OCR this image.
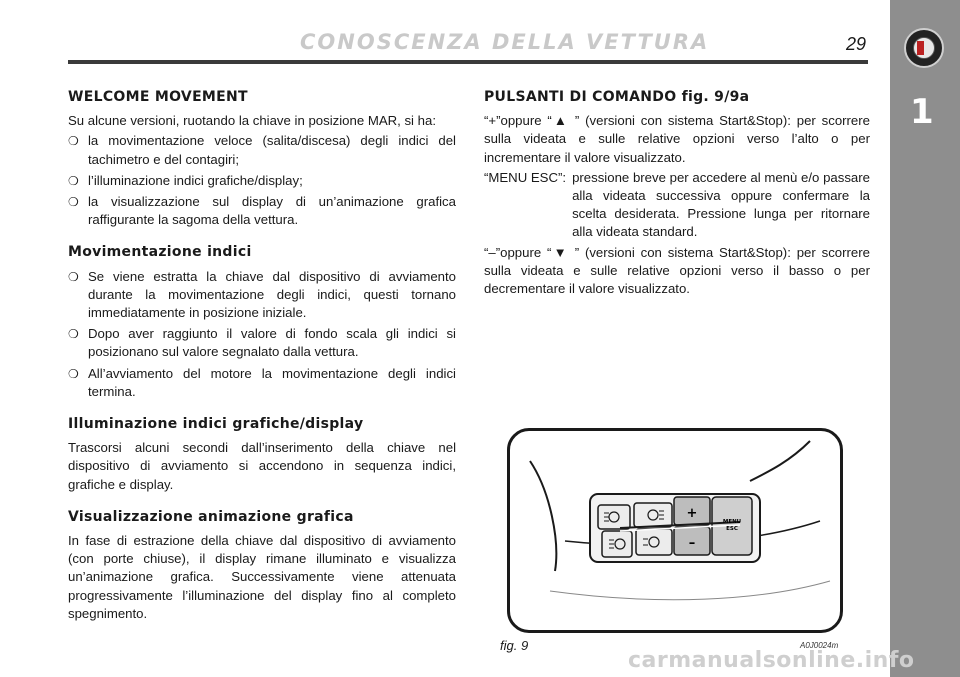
CONOSCENZA DELLA VETTURA	29
1
WELCOME MOVEMENT

Su alcune versioni, ruotando la chiave in posizione MAR, si ha:

❍ la movimentazione veloce (salita/discesa) degli indici del tachimetro e del contagiri;
❍ l’illuminazione indici grafiche/display;
❍ la visualizzazione sul display di un’animazione grafica raffigurante la sagoma della vettura.
Movimentazione indici
❍ Se viene estratta la chiave dal dispositivo di avviamento durante la movimentazione degli indici, questi tornano immediatamente in posizione iniziale.
❍ Dopo aver raggiunto il valore di fondo scala gli indici si posizionano sul valore segnalato dalla vettura.
❍ All’avviamento del motore la movimentazione degli indici termina.
Illuminazione indici grafiche/display

Trascorsi alcuni secondi dall’inserimento della chiave nel dispositivo di avviamento si accendono in sequenza indici, grafiche e display.

Visualizzazione animazione grafica

In fase di estrazione della chiave dal dispositivo di avviamento (con porte chiuse), il display rimane illuminato e visualizza un’animazione grafica. Successivamente viene attenuata progressivamente l’illuminazione del display fino al completo spegnimento.

PULSANTI DI COMANDO fig. 9/9a

“+”oppure “▲ ” (versioni con sistema Start&Stop): per scorrere sulla videata e sulle relative opzioni verso l’alto o per incrementare il valore visualizzato.

“MENU ESC”: pressione breve per accedere al menù e/o passare alla videata successiva oppure confermare la scelta desiderata. Pressione lunga per ritornare alla videata standard.

“–”oppure “▼ ” (versioni con sistema Start&Stop): per scorrere sulla videata e sulle relative opzioni verso il basso o per decrementare il valore visualizzato.

+
–
MENU
ESC
fig. 9	A0J0024m
carmanualsonline.info
